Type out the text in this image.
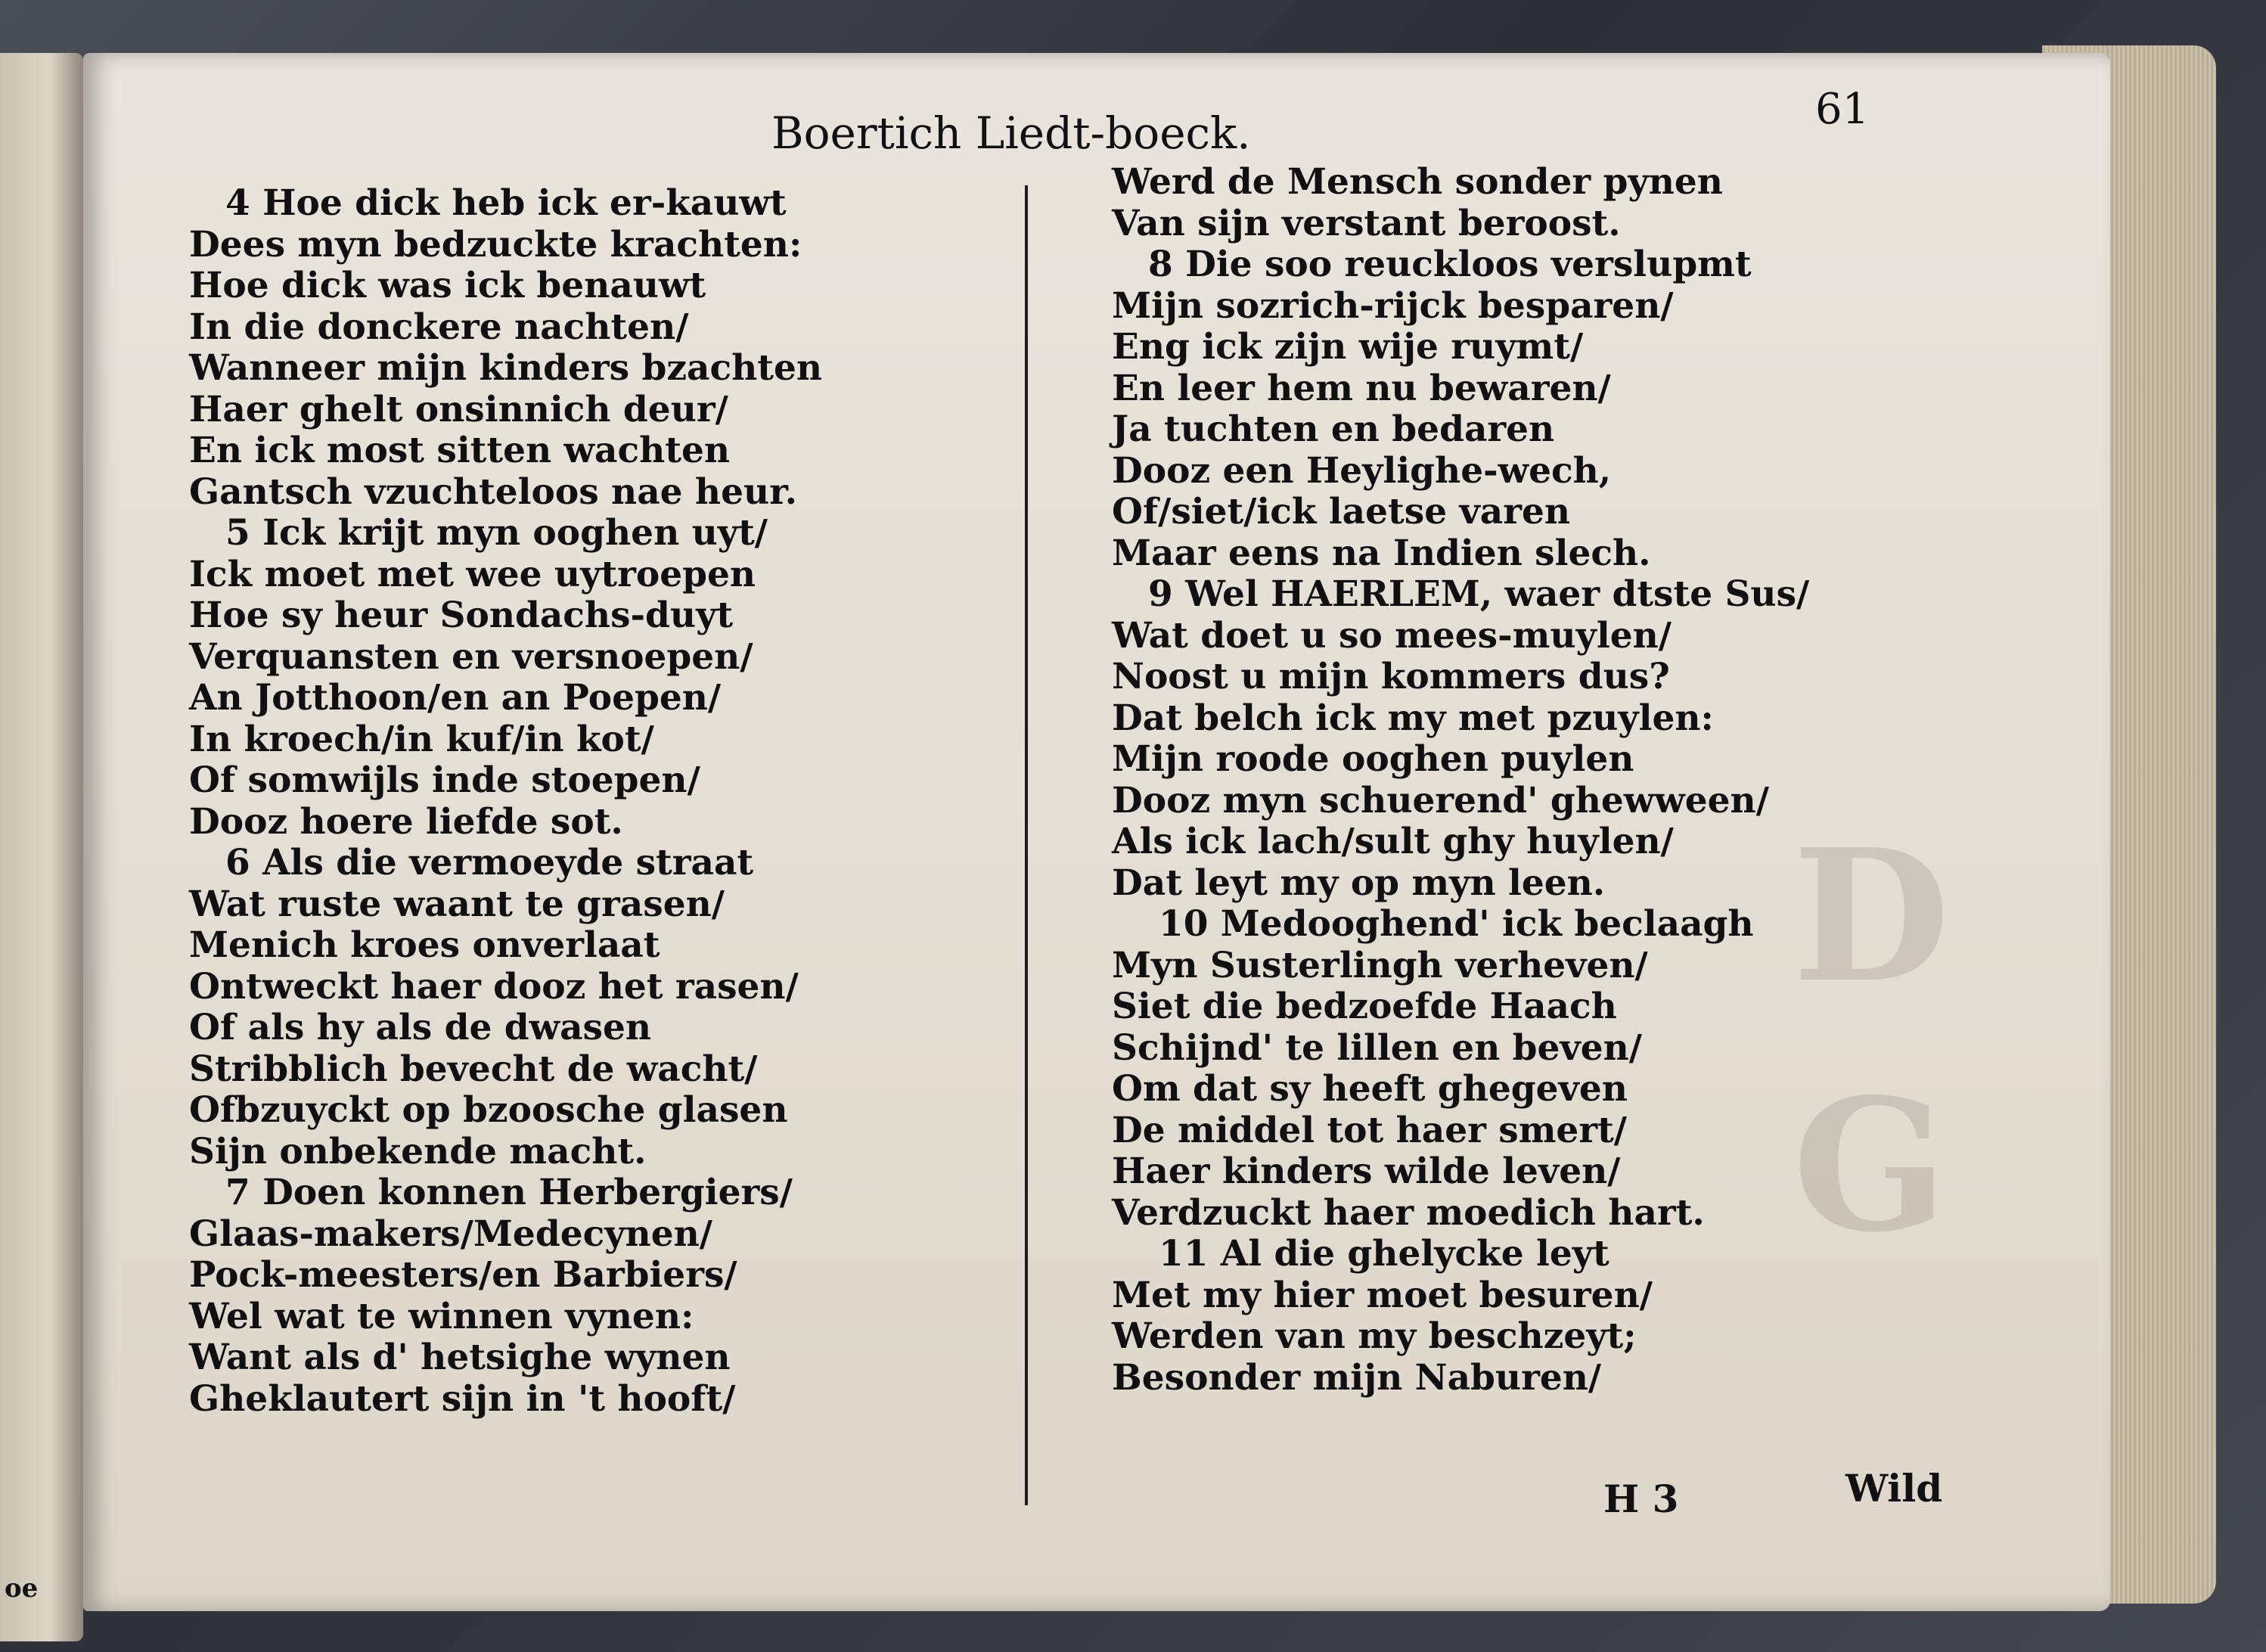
oe
D
G
Boertich Liedt-boeck.	61
4 Hoe dick heb ick er-kauwt
Dees myn bedzuckte krachten:
Hoe dick was ick benauwt
In die donckere nachten/
Wanneer mijn kinders bzachten
Haer ghelt onsinnich deur/
En ick most sitten wachten
Gantsch vzuchteloos nae heur.
5 Ick krijt myn ooghen uyt/
Ick moet met wee uytroepen
Hoe sy heur Sondachs-duyt
Verquansten en versnoepen/
An Jotthoon/en an Poepen/
In kroech/in kuf/in kot/
Of somwijls inde stoepen/
Dooz hoere liefde sot.
6 Als die vermoeyde straat
Wat ruste waant te grasen/
Menich kroes onverlaat
Ontweckt haer dooz het rasen/
Of als hy als de dwasen
Stribblich bevecht de wacht/
Ofbzuyckt op bzoosche glasen
Sijn onbekende macht.
7 Doen konnen Herbergiers/
Glaas-makers/Medecynen/
Pock-meesters/en Barbiers/
Wel wat te winnen vynen:
Want als d' hetsighe wynen
Gheklautert sijn in 't hooft/
Werd de Mensch sonder pynen
Van sijn verstant beroost.
8 Die soo reuckloos verslupmt
Mijn sozrich-rijck besparen/
Eng ick zijn wije ruymt/
En leer hem nu bewaren/
Ja tuchten en bedaren
Dooz een Heylighe-wech,
Of/siet/ick laetse varen
Maar eens na Indien slech.
9 Wel HAERLEM, waer dtste Sus/
Wat doet u so mees-muylen/
Noost u mijn kommers dus?
Dat belch ick my met pzuylen:
Mijn roode ooghen puylen
Dooz myn schuerend' ghewween/
Als ick lach/sult ghy huylen/
Dat leyt my op myn leen.
10 Medooghend' ick beclaagh
Myn Susterlingh verheven/
Siet die bedzoefde Haach
Schijnd' te lillen en beven/
Om dat sy heeft ghegeven
De middel tot haer smert/
Haer kinders wilde leven/
Verdzuckt haer moedich hart.
11 Al die ghelycke leyt
Met my hier moet besuren/
Werden van my beschzeyt;
Besonder mijn Naburen/
H 3	Wild
